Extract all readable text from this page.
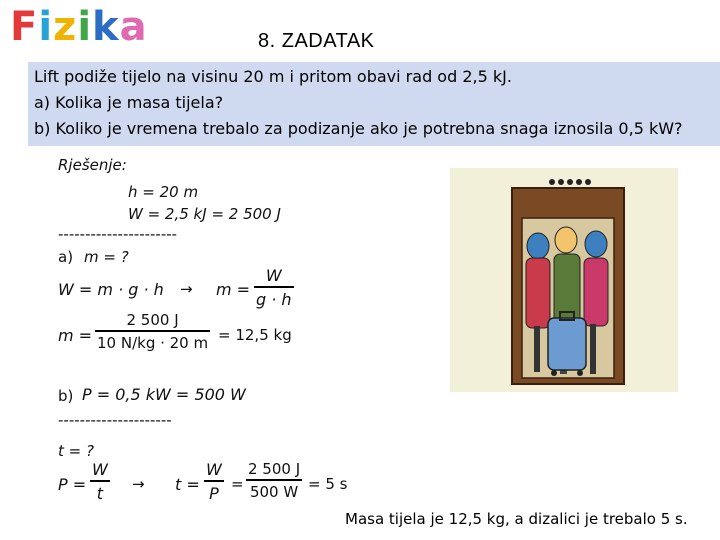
Fizika	8. ZADATAK
Lift podiže tijelo na visinu 20 m i pritom obavi rad od 2,5 kJ.
a) Kolika je masa tijela?
b) Koliko je vremena trebalo za podizanje ako je potrebna snaga iznosila 0,5 kW?
Rješenje:
h = 20 m
W = 2,5 kJ = 2 500 J
----------------------
a) m = ?
W = m · g · h → m =
W
g · h
m =
2 500 J
10 N/kg · 20 m = 12,5 kg
b) P = 0,5 kW = 500 W
---------------------
t = ?
P =
W
t → t =
W
P =
2 500 J
500 W = 5 s
Masa tijela je 12,5 kg, a dizalici je trebalo 5 s.
